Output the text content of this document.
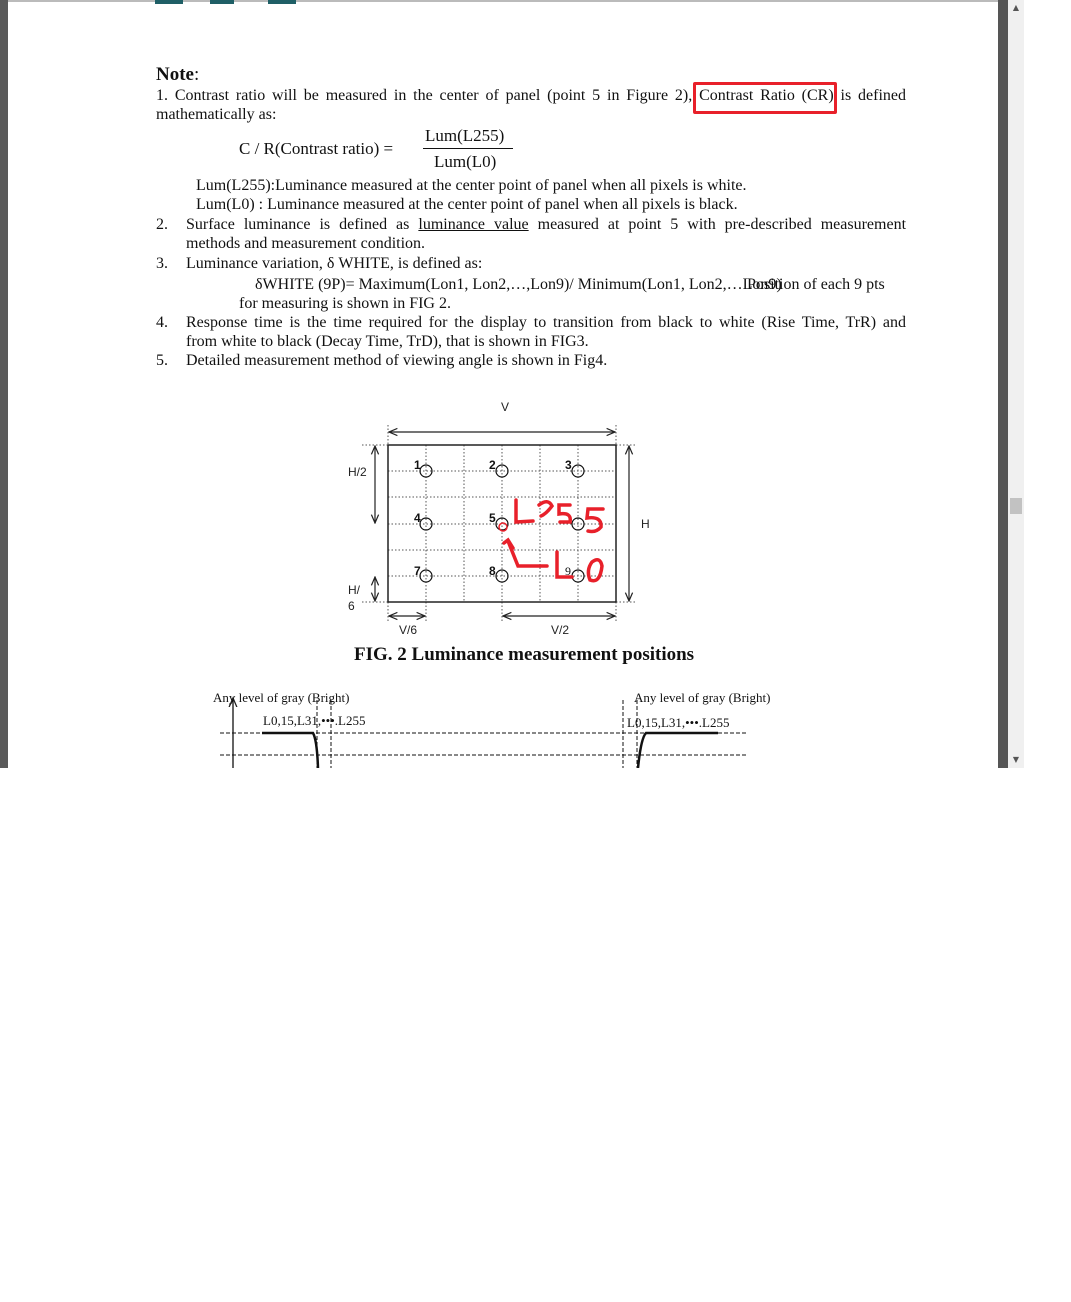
Note:
1. Contrast ratio will be measured in the center of panel (point 5 in Figure 2), Contrast Ratio (CR) is defined
mathematically as:
C / R(Contrast ratio) =
Lum(L255)
Lum(L0)
Lum(L255):Luminance measured at the center point of panel when all pixels is white.
Lum(L0) : Luminance measured at the center point of panel when all pixels is black.
2. Surface luminance is defined as luminance value measured at point 5 with pre-described measurement
methods and measurement condition.
3. Luminance variation, δ WHITE, is defined as:
δWHITE (9P)= Maximum(Lon1, Lon2,…,Lon9)/ Minimum(Lon1, Lon2,…Lon9)
Position of each 9 pts
for measuring is shown in FIG 2.
4. Response time is the time required for the display to transition from black to white (Rise Time, TrR) and
from white to black (Decay Time, TrD), that is shown in FIG3.
5. Detailed measurement method of viewing angle is shown in Fig4.
1	2	3
4	5
7	8	9
V
H
H/2
H/
6
V/6	V/2
FIG. 2 Luminance measurement positions
Any level of gray (Bright)
L0,15,L31,•••.L255
Any level of gray (Bright)
L0,15,L31,•••.L255
▲
▼
